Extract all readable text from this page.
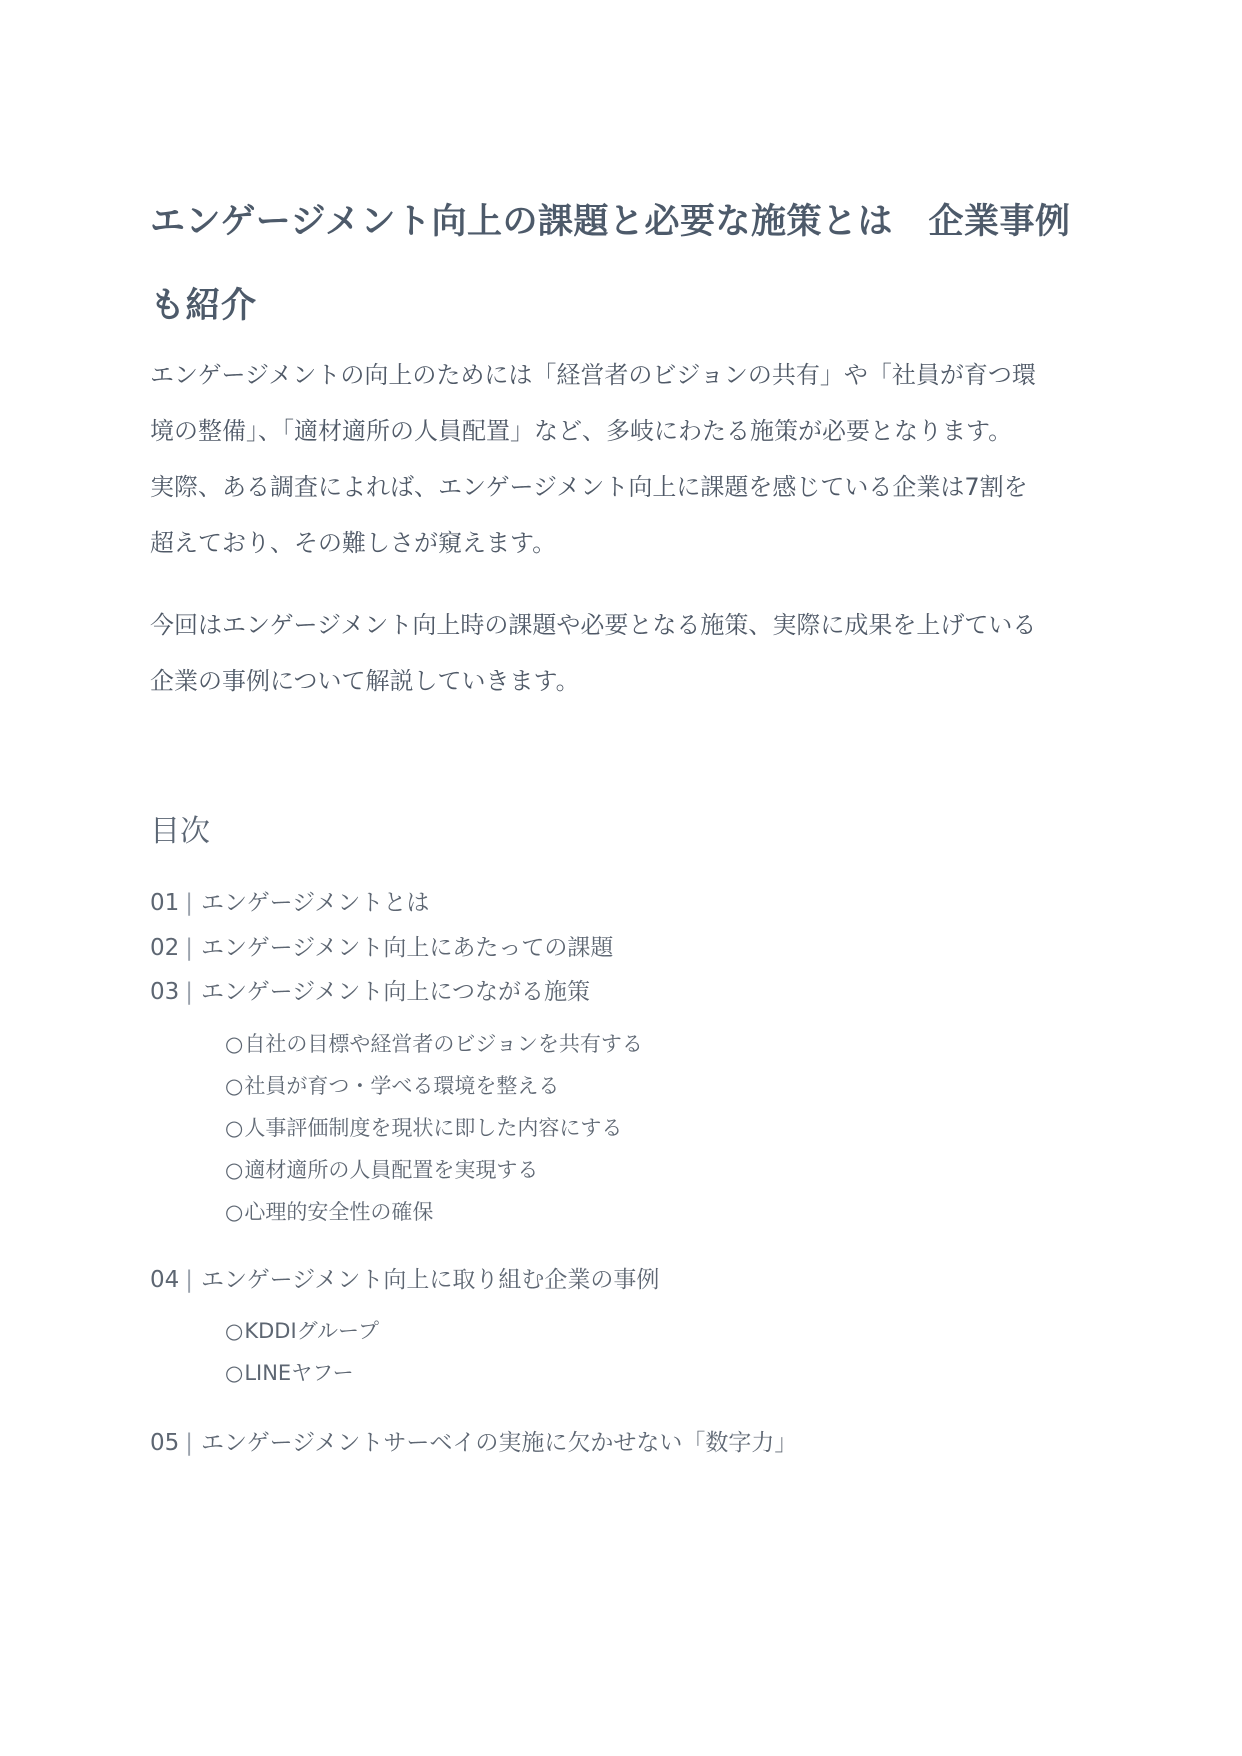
エンゲージメント向上の課題と必要な施策とは　企業事例
も紹介

エンゲージメントの向上のためには「経営者のビジョンの共有」や「社員が育つ環
境の整備」、「適材適所の人員配置」など、多岐にわたる施策が必要となります。
実際、ある調査によれば、エンゲージメント向上に課題を感じている企業は7割を
超えており、その難しさが窺えます。

今回はエンゲージメント向上時の課題や必要となる施策、実際に成果を上げている
企業の事例について解説していきます。

目次
01 | エンゲージメントとは
02 | エンゲージメント向上にあたっての課題
03 | エンゲージメント向上につながる施策
○自社の目標や経営者のビジョンを共有する
○社員が育つ・学べる環境を整える
○人事評価制度を現状に即した内容にする
○適材適所の人員配置を実現する
○心理的安全性の確保
04 | エンゲージメント向上に取り組む企業の事例
○KDDIグループ
○LINEヤフー
05 | エンゲージメントサーベイの実施に欠かせない「数字力」
